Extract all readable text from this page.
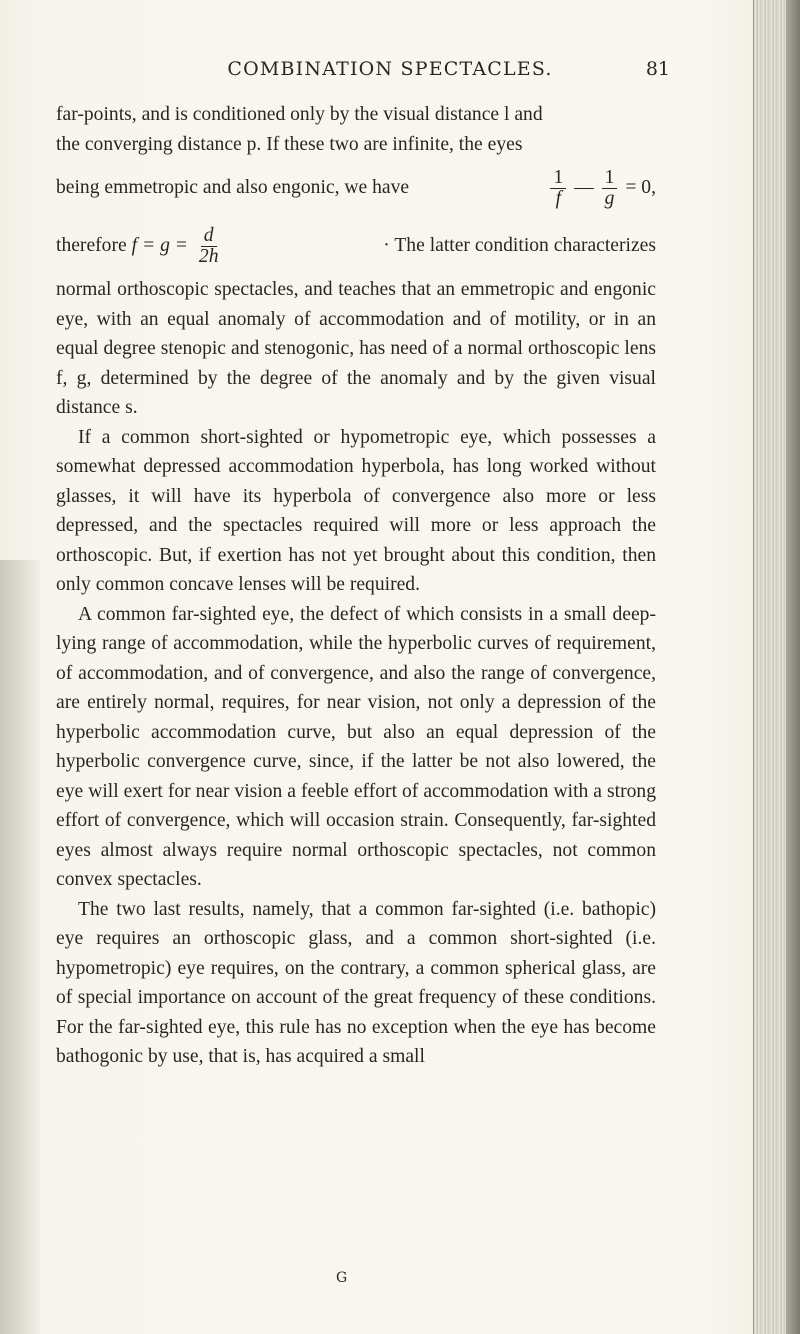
COMBINATION SPECTACLES.	81

far-points, and is conditioned only by the visual distance l and

the converging distance p. If these two are infinite, the eyes

being emmetropic and also engonic, we have	$\frac{1}{f}$ — $\frac{1}{g} = 0$,
therefore $f = g = \frac{d}{2h}$	· The latter condition characterizes

normal orthoscopic spectacles, and teaches that an emmetropic and engonic eye, with an equal anomaly of accommodation and of motility, or in an equal degree stenopic and stenogonic, has need of a normal orthoscopic lens f, g, determined by the degree of the anomaly and by the given visual distance s.

If a common short-sighted or hypometropic eye, which possesses a somewhat depressed accommodation hyperbola, has long worked without glasses, it will have its hyperbola of convergence also more or less depressed, and the spectacles required will more or less approach the orthoscopic. But, if exertion has not yet brought about this condition, then only common concave lenses will be required.

A common far-sighted eye, the defect of which consists in a small deep-lying range of accommodation, while the hyperbolic curves of requirement, of accommodation, and of convergence, and also the range of convergence, are entirely normal, requires, for near vision, not only a depression of the hyperbolic accommodation curve, but also an equal depression of the hyperbolic convergence curve, since, if the latter be not also lowered, the eye will exert for near vision a feeble effort of accommodation with a strong effort of convergence, which will occasion strain. Consequently, far-sighted eyes almost always require normal orthoscopic spectacles, not common convex spectacles.

The two last results, namely, that a common far-sighted (i.e. bathopic) eye requires an orthoscopic glass, and a common short-sighted (i.e. hypometropic) eye requires, on the contrary, a common spherical glass, are of special importance on account of the great frequency of these conditions. For the far-sighted eye, this rule has no exception when the eye has become bathogonic by use, that is, has acquired a small

G
